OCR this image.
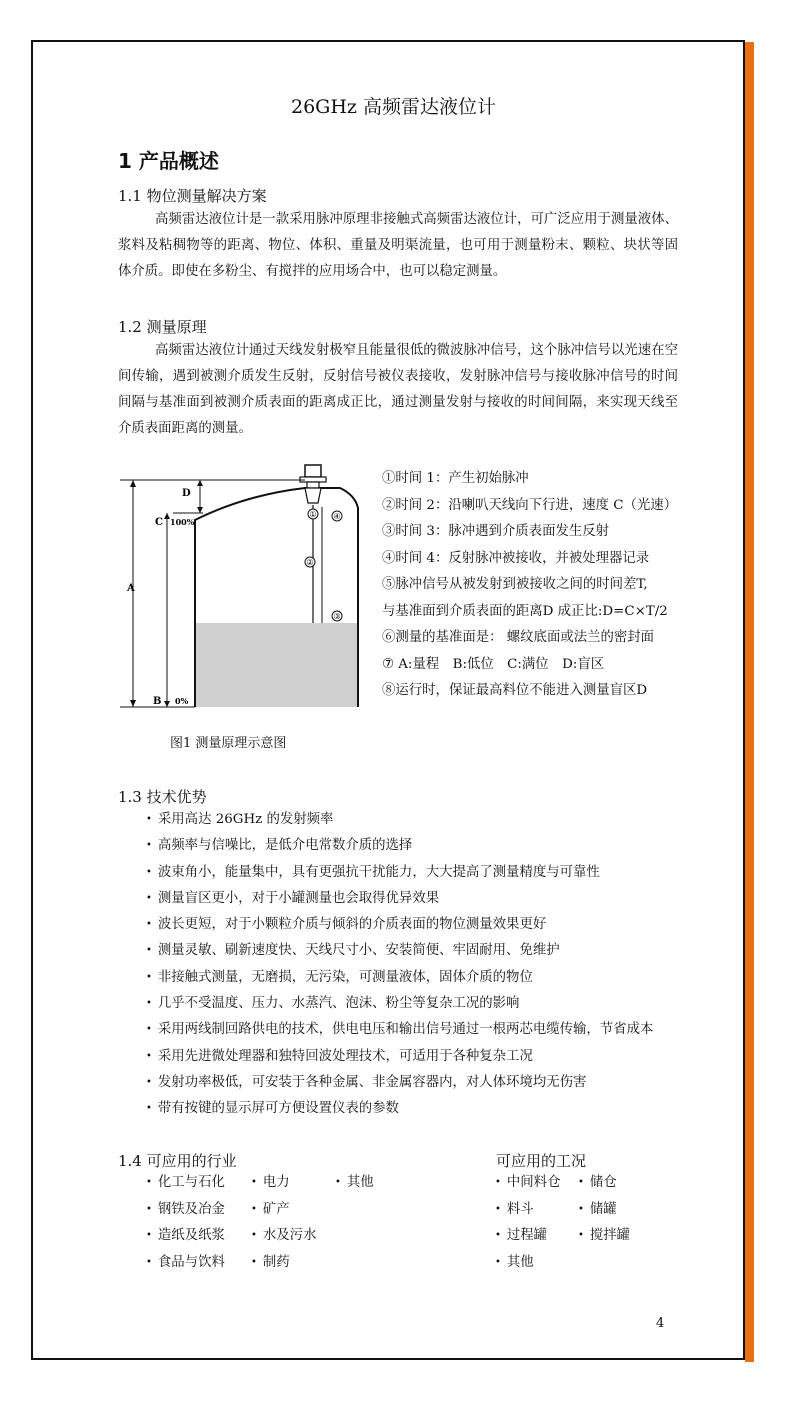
26GHz 高频雷达液位计
1 产品概述
1.1 物位测量解决方案
高频雷达液位计是一款采用脉冲原理非接触式高频雷达液位计，可广泛应用于测量液体、浆料及粘稠物等的距离、物位、体积、重量及明渠流量，也可用于测量粉末、颗粒、块状等固体介质。即使在多粉尘、有搅拌的应用场合中，也可以稳定测量。
1.2 测量原理
高频雷达液位计通过天线发射极窄且能量很低的微波脉冲信号，这个脉冲信号以光速在空间传输，遇到被测介质发生反射，反射信号被仪表接收，发射脉冲信号与接收脉冲信号的时间间隔与基准面到被测介质表面的距离成正比，通过测量发射与接收的时间间隔，来实现天线至介质表面距离的测量。
① ④
②
③
A
D
C 100%
B 0%
①时间 1：产生初始脉冲
②时间 2：沿喇叭天线向下行进，速度 C（光速）
③时间 3：脉冲遇到介质表面发生反射
④时间 4：反射脉冲被接收，并被处理器记录
⑤脉冲信号从被发射到被接收之间的时间差T,
与基准面到介质表面的距离D 成正比:D=C×T/2
⑥测量的基准面是： 螺纹底面或法兰的密封面
⑦ A:量程　B:低位　C:满位　D:盲区
⑧运行时，保证最高料位不能进入测量盲区D
图1 测量原理示意图
1.3 技术优势
• 采用高达 26GHz 的发射频率
• 高频率与信噪比，是低介电常数介质的选择
• 波束角小，能量集中，具有更强抗干扰能力，大大提高了测量精度与可靠性
• 测量盲区更小，对于小罐测量也会取得优异效果
• 波长更短，对于小颗粒介质与倾斜的介质表面的物位测量效果更好
• 测量灵敏、刷新速度快、天线尺寸小、安装简便、牢固耐用、免维护
• 非接触式测量，无磨损，无污染，可测量液体，固体介质的物位
• 几乎不受温度、压力、水蒸汽、泡沫、粉尘等复杂工况的影响
• 采用两线制回路供电的技术，供电电压和输出信号通过一根两芯电缆传输，节省成本
• 采用先进微处理器和独特回波处理技术，可适用于各种复杂工况
• 发射功率极低，可安装于各种金属、非金属容器内，对人体环境均无伤害
• 带有按键的显示屏可方便设置仪表的参数
1.4 可应用的行业	可应用的工况
• 化工与石化
• 钢铁及冶金
• 造纸及纸浆
• 食品与饮料
• 电力
• 矿产
• 水及污水
• 制药
• 其他
•	中间料仓
• 料斗
• 过程罐
• 其他
• 储仓
• 储罐
• 搅拌罐
4
